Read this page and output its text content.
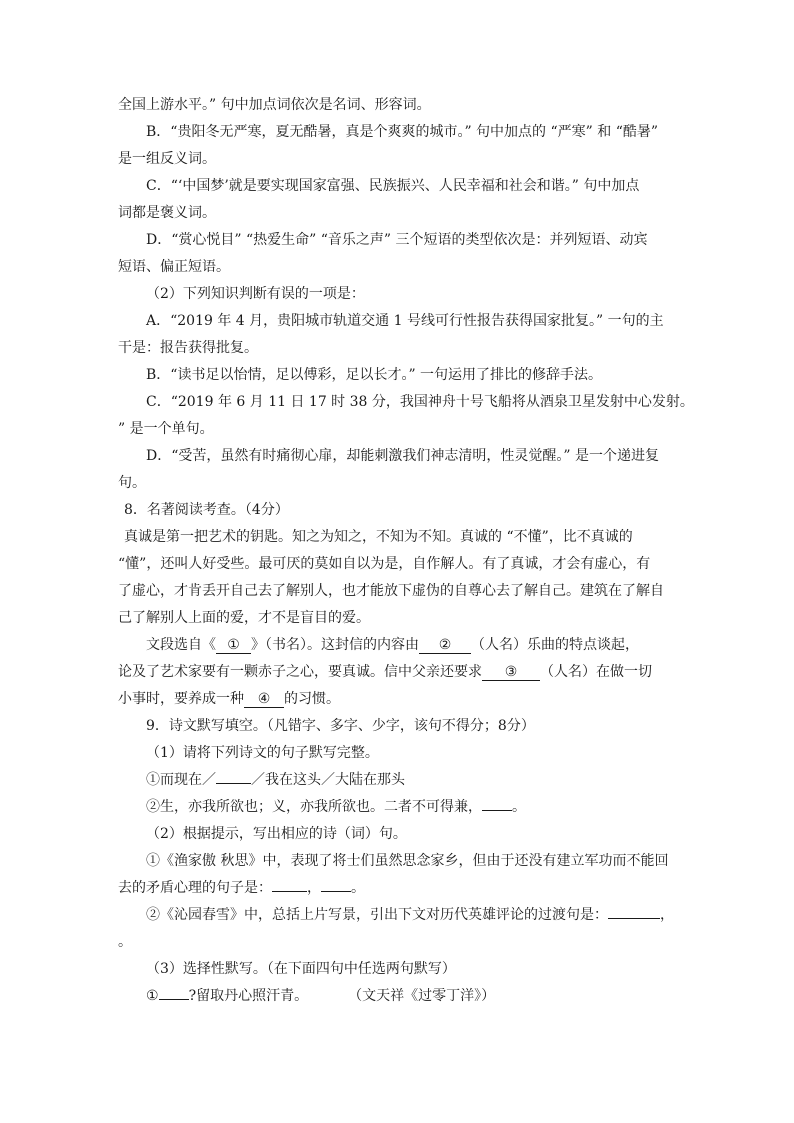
全国上游水平。” 句中加点词依次是名词、形容词。
B．“贵阳冬无严寒，夏无酷暑，真是个爽爽的城市。” 句中加点的 “严寒” 和 “酷暑”
是一组反义词。
C．“‘中国梦’就是要实现国家富强、民族振兴、人民幸福和社会和谐。” 句中加点
词都是褒义词。
D．“赏心悦目” “热爱生命” “音乐之声” 三个短语的类型依次是：并列短语、动宾
短语、偏正短语。
（2）下列知识判断有误的一项是：
A．“2019 年 4 月，贵阳城市轨道交通 1 号线可行性报告获得国家批复。” 一句的主
干是：报告获得批复。
B．“读书足以怡情，足以傅彩，足以长才。” 一句运用了排比的修辞手法。
C．“2019 年 6 月 11 日 17 时 38 分，我国神舟十号飞船将从酒泉卫星发射中心发射。
” 是一个单句。
D．“受苦，虽然有时痛彻心扉，却能刺激我们神志清明，性灵觉醒。” 是一个递进复
句。
8．名著阅读考查。（4分）
真诚是第一把艺术的钥匙。知之为知之，不知为不知。真诚的 “不懂”，比不真诚的
“懂”，还叫人好受些。最可厌的莫如自以为是，自作解人。有了真诚，才会有虚心，有
了虚心，才肯丢开自己去了解别人，也才能放下虚伪的自尊心去了解自己。建筑在了解自
己了解别人上面的爱，才不是盲目的爱。
文段选自《 ① 》（书名）。这封信的内容由 ② （人名）乐曲的特点谈起，
论及了艺术家要有一颗赤子之心，要真诚。信中父亲还要求 ③ （人名）在做一切
小事时，要养成一种 ④ 的习惯。
9．诗文默写填空。（凡错字、多字、少字，该句不得分；8分）
（1）请将下列诗文的句子默写完整。
①而现在／	／我在这头／大陆在那头
②生，亦我所欲也；义，亦我所欲也。二者不可得兼， 。
（2）根据提示，写出相应的诗（词）句。
①《渔家傲 秋思》中，表现了将士们虽然思念家乡，但由于还没有建立军功而不能回
去的矛盾心理的句子是：	， 。
②《沁园春雪》中，总括上片写景，引出下文对历代英雄评论的过渡句是：	，
。
（3）选择性默写。（在下面四句中任选两句默写）
① ?留取丹心照汗青。	（文天祥《过零丁洋》）
